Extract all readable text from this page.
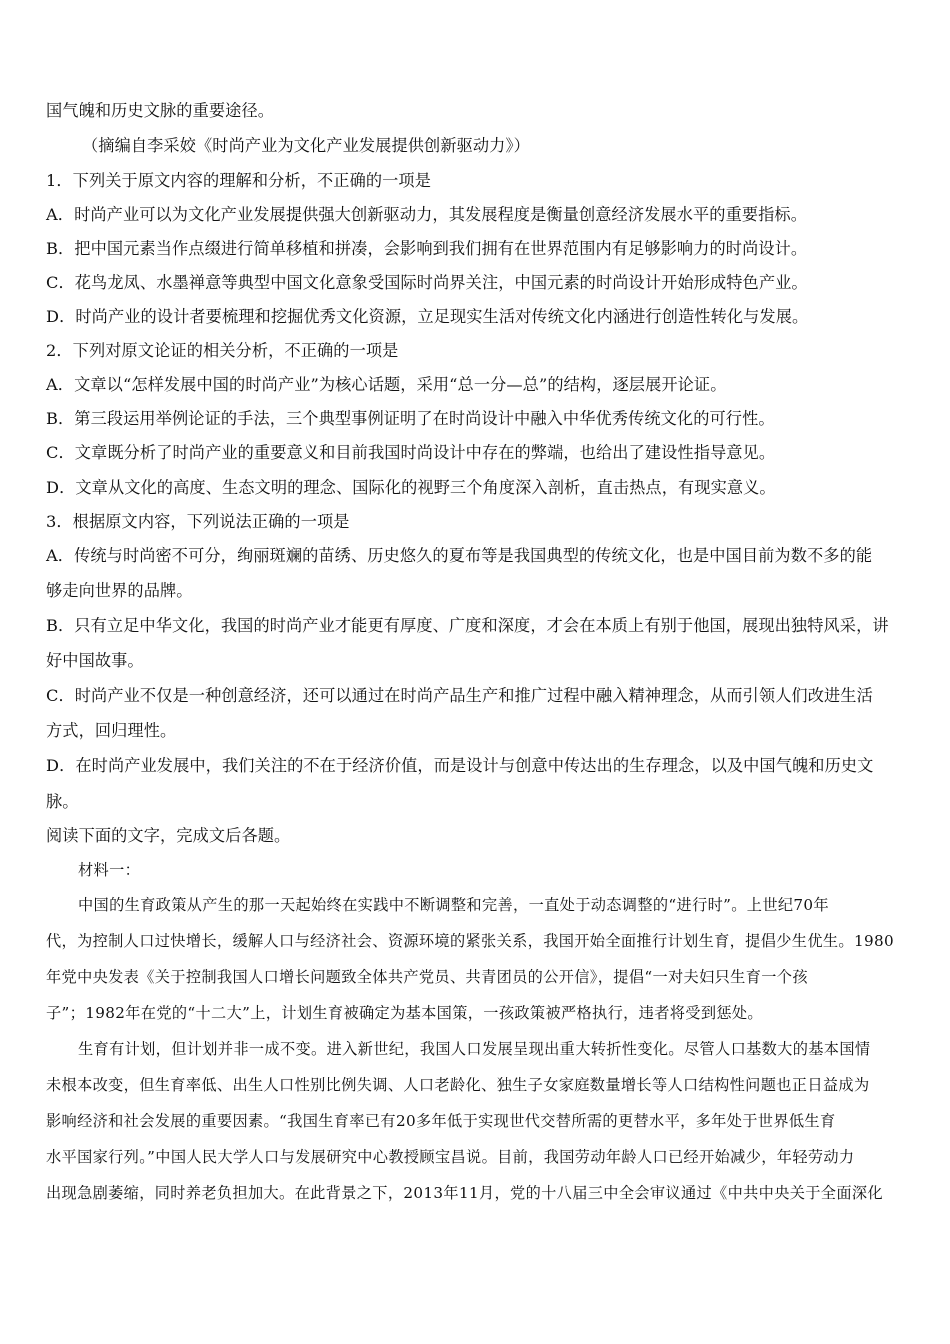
国气魄和历史文脉的重要途径。
（摘编自李采姣《时尚产业为文化产业发展提供创新驱动力》）
1．下列关于原文内容的理解和分析，不正确的一项是
A．时尚产业可以为文化产业发展提供强大创新驱动力，其发展程度是衡量创意经济发展水平的重要指标。
B．把中国元素当作点缀进行简单移植和拼凑，会影响到我们拥有在世界范围内有足够影响力的时尚设计。
C．花鸟龙凤、水墨禅意等典型中国文化意象受国际时尚界关注，中国元素的时尚设计开始形成特色产业。
D．时尚产业的设计者要梳理和挖掘优秀文化资源，立足现实生活对传统文化内涵进行创造性转化与发展。
2．下列对原文论证的相关分析，不正确的一项是
A．文章以“怎样发展中国的时尚产业”为核心话题，采用“总一分—总”的结构，逐层展开论证。
B．第三段运用举例论证的手法，三个典型事例证明了在时尚设计中融入中华优秀传统文化的可行性。
C．文章既分析了时尚产业的重要意义和目前我国时尚设计中存在的弊端，也给出了建设性指导意见。
D．文章从文化的高度、生态文明的理念、国际化的视野三个角度深入剖析，直击热点，有现实意义。
3．根据原文内容，下列说法正确的一项是
A．传统与时尚密不可分，绚丽斑斓的苗绣、历史悠久的夏布等是我国典型的传统文化，也是中国目前为数不多的能
够走向世界的品牌。
B．只有立足中华文化，我国的时尚产业才能更有厚度、广度和深度，才会在本质上有别于他国，展现出独特风采，讲
好中国故事。
C．时尚产业不仅是一种创意经济，还可以通过在时尚产品生产和推广过程中融入精神理念，从而引领人们改进生活
方式，回归理性。
D．在时尚产业发展中，我们关注的不在于经济价值，而是设计与创意中传达出的生存理念，以及中国气魄和历史文
脉。
阅读下面的文字，完成文后各题。
材料一：
中国的生育政策从产生的那一天起始终在实践中不断调整和完善，一直处于动态调整的“进行时”。上世纪70年
代，为控制人口过快增长，缓解人口与经济社会、资源环境的紧张关系，我国开始全面推行计划生育，提倡少生优生。1980
年党中央发表《关于控制我国人口增长问题致全体共产党员、共青团员的公开信》，提倡“一对夫妇只生育一个孩
子”；1982年在党的“十二大”上，计划生育被确定为基本国策，一孩政策被严格执行，违者将受到惩处。
生育有计划，但计划并非一成不变。进入新世纪，我国人口发展呈现出重大转折性变化。尽管人口基数大的基本国情
未根本改变，但生育率低、出生人口性别比例失调、人口老龄化、独生子女家庭数量增长等人口结构性问题也正日益成为
影响经济和社会发展的重要因素。“我国生育率已有20多年低于实现世代交替所需的更替水平，多年处于世界低生育
水平国家行列。”中国人民大学人口与发展研究中心教授顾宝昌说。目前，我国劳动年龄人口已经开始减少，年轻劳动力
出现急剧萎缩，同时养老负担加大。在此背景之下，2013年11月，党的十八届三中全会审议通过《中共中央关于全面深化
